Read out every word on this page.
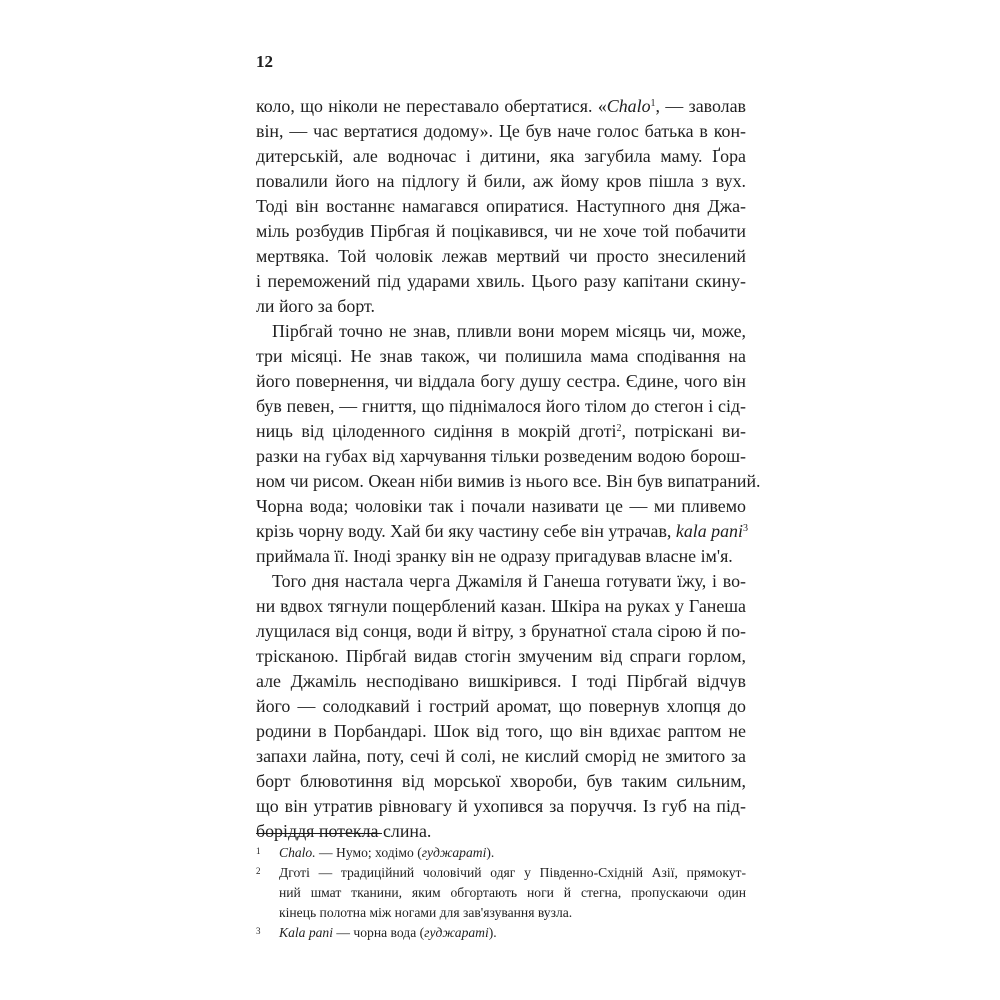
12
коло, що ніколи не переставало обертатися. «Chalo$^1$, — заволав
він, — час вертатися додому». Це був наче голос батька в кон-
дитерській, але водночас і дитини, яка загубила маму. Ґора
повалили його на підлогу й били, аж йому кров пішла з вух.
Тоді він востаннє намагався опиратися. Наступного дня Джа-
міль розбудив Пірбгая й поцікавився, чи не хоче той побачити
мертвяка. Той чоловік лежав мертвий чи просто знесилений
і переможений під ударами хвиль. Цього разу капітани скину-
ли його за борт.
Пірбгай точно не знав, пливли вони морем місяць чи, може,
три місяці. Не знав також, чи полишила мама сподівання на
його повернення, чи віддала богу душу сестра. Єдине, чого він
був певен, — гниття, що піднімалося його тілом до стегон і сід-
ниць від цілоденного сидіння в мокрій дготі$^2$, потріскані ви-
разки на губах від харчування тільки розведеним водою борош-
ном чи рисом. Океан ніби вимив із нього все. Він був випатраний.
Чорна вода; чоловіки так і почали називати це — ми пливемо
крізь чорну воду. Хай би яку частину себе він утрачав, kala pani$^3$
приймала її. Іноді зранку він не одразу пригадував власне ім'я.
Того дня настала черга Джаміля й Ганеша готувати їжу, і во-
ни вдвох тягнули пощерблений казан. Шкіра на руках у Ганеша
лущилася від сонця, води й вітру, з брунатної стала сірою й по-
трісканою. Пірбгай видав стогін змученим від спраги горлом,
але Джаміль несподівано вишкірився. І тоді Пірбгай відчув
його — солодкавий і гострий аромат, що повернув хлопця до
родини в Порбандарі. Шок від того, що він вдихає раптом не
запахи лайна, поту, сечі й солі, не кислий сморід не змитого за
борт блювотиння від морської хвороби, був таким сильним,
що він утратив рівновагу й ухопився за поруччя. Із губ на під-
боріддя потекла слина.
1 Chalo. — Нумо; ходімо (гуджараті).
2 Дготі — традиційний чоловічий одяг у Південно-Східній Азії, прямокут-
ний шмат тканини, яким обгортають ноги й стегна, пропускаючи один
кінець полотна між ногами для зав'язування вузла.
3 Kala pani — чорна вода (гуджараті).
